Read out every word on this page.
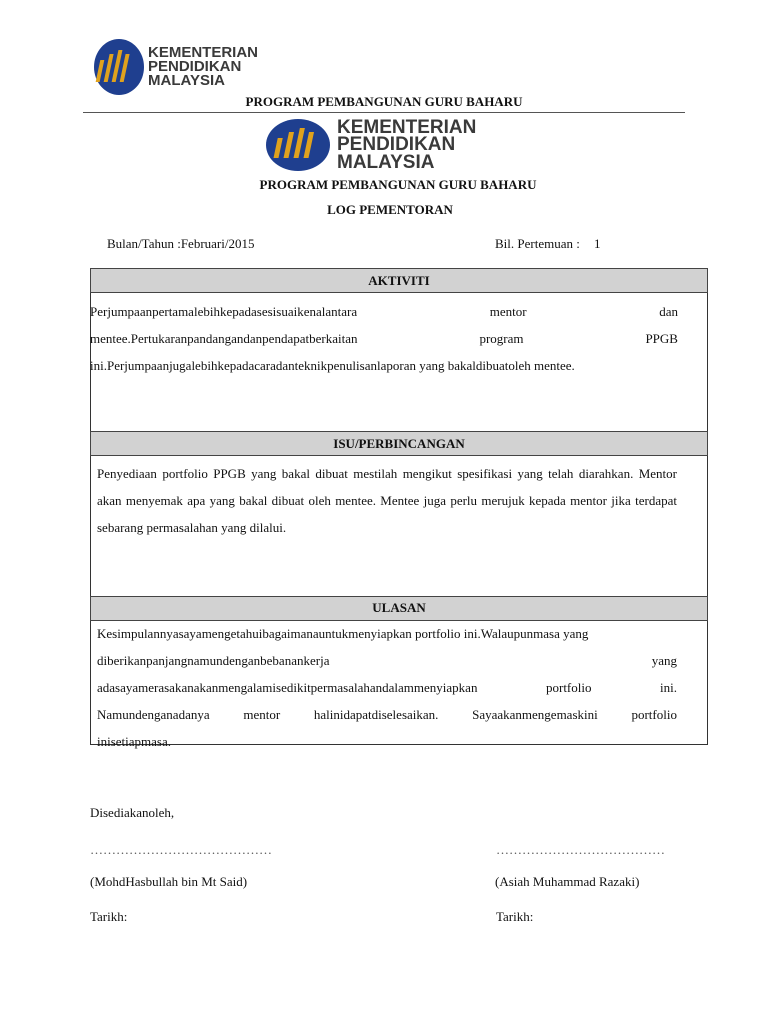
KEMENTERIAN
PENDIDIKAN
MALAYSIA
PROGRAM PEMBANGUNAN GURU BAHARU
KEMENTERIAN
PENDIDIKAN
MALAYSIA
PROGRAM PEMBANGUNAN GURU BAHARU
LOG PEMENTORAN
Bulan/Tahun :Februari/2015	Bil. Pertemuan : 1
AKTIVITI
Perjumpaanpertamalebihkepadasesisuaikenalantara	mentor	dan
mentee.Pertukaranpandangandanpendapatberkaitan	program	PPGB
ini.Perjumpaanjugalebihkepadacaradanteknikpenulisanlaporan yang bakaldibuatoleh mentee.
ISU/PERBINCANGAN
Penyediaan portfolio PPGB yang bakal dibuat mestilah mengikut spesifikasi yang telah diarahkan. Mentor akan menyemak apa yang bakal dibuat oleh mentee. Mentee juga perlu merujuk kepada mentor jika terdapat sebarang permasalahan yang dilalui.
ULASAN
Kesimpulannyasayamengetahuibagaimanauntukmenyiapkan portfolio ini.Walaupunmasa yang
diberikanpanjangnamundenganbebanankerja	yang
adasayamerasakanakanmengalamisedikitpermasalahandalammenyiapkan	portfolio	ini.
Namundenganadanya	mentor	halinidapatdiselesaikan.	Sayaakanmengemaskini	portfolio
inisetiapmasa.
Disediakanoleh,
……………………………………	…………………………………
(MohdHasbullah bin Mt Said)	(Asiah Muhammad Razaki)
Tarikh:	Tarikh:
